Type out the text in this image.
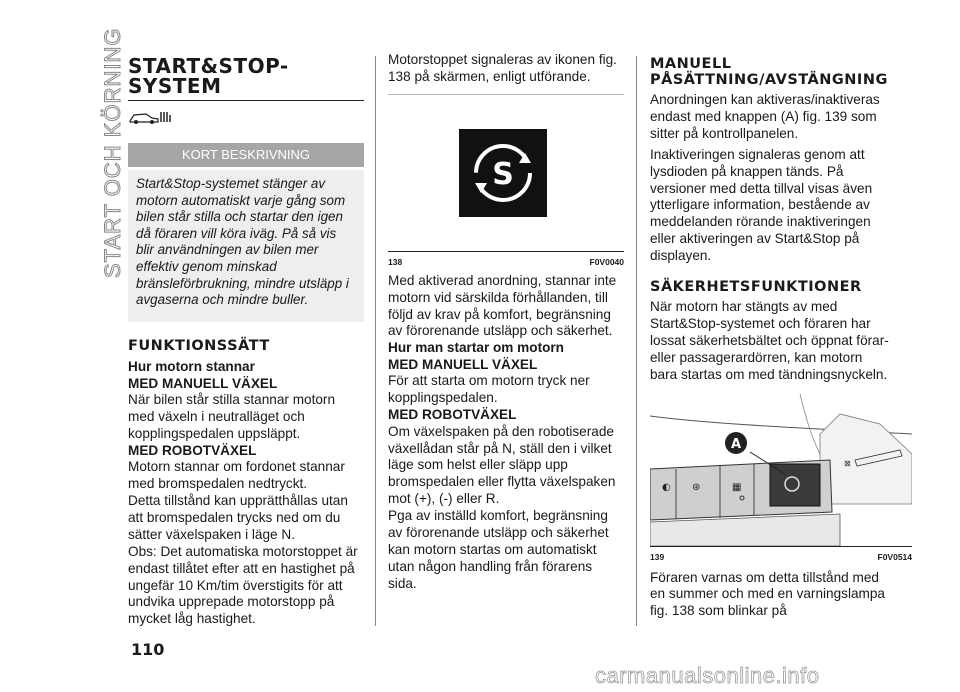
START OCH KÖRNING START&STOP-SYSTEM
KORT BESKRIVNING
Start&Stop-systemet stänger av motorn automatiskt varje gång som bilen står stilla och startar den igen då föraren vill köra iväg. På så vis blir användningen av bilen mer effektiv genom minskad bränsleförbrukning, mindre utsläpp i avgaserna och mindre buller.
FUNKTIONSSÄTT
Hur motorn stannar
MED MANUELL VÄXEL

När bilen står stilla stannar motorn med växeln i neutralläget och kopplingspedalen uppsläppt.

MED ROBOTVÄXEL

Motorn stannar om fordonet stannar med bromspedalen nedtryckt.

Detta tillstånd kan upprätthållas utan att bromspedalen trycks ned om du sätter växelspaken i läge N.

Obs: Det automatiska motorstoppet är endast tillåtet efter att en hastighet på ungefär 10 Km/tim överstigits för att undvika upprepade motorstopp på mycket låg hastighet.

Motorstoppet signaleras av ikonen fig. 138 på skärmen, enligt utförande.

S
138	F0V0040

Med aktiverad anordning, stannar inte motorn vid särskilda förhållanden, till följd av krav på komfort, begränsning av förorenande utsläpp och säkerhet.

Hur man startar om motorn
MED MANUELL VÄXEL

För att starta om motorn tryck ner kopplingspedalen.

MED ROBOTVÄXEL

Om växelspaken på den robotiserade växellådan står på N, ställ den i vilket läge som helst eller släpp upp bromspedalen eller flytta växelspaken mot (+), (-) eller R.

Pga av inställd komfort, begränsning av förorenande utsläpp och säkerhet kan motorn startas om automatiskt utan någon handling från förarens sida.

MANUELL PÅSÄTTNING/AVSTÄNGNING

Anordningen kan aktiveras/inaktiveras endast med knappen (A) fig. 139 som sitter på kontrollpanelen.

Inaktiveringen signaleras genom att lysdioden på knappen tänds. På versioner med detta tillval visas även ytterligare information, bestående av meddelanden rörande inaktiveringen eller aktiveringen av Start&Stop på displayen.

SÄKERHETSFUNKTIONER

När motorn har stängts av med Start&Stop-systemet och föraren har lossat säkerhetsbältet och öppnat förar- eller passagerardörren, kan motorn bara startas om med tändningsnyckeln.

◐ ⊛	▦
A
⊠
139	F0V0514

Föraren varnas om detta tillstånd med en summer och med en varningslampa fig. 138 som blinkar på

110
carmanualsonline.info
